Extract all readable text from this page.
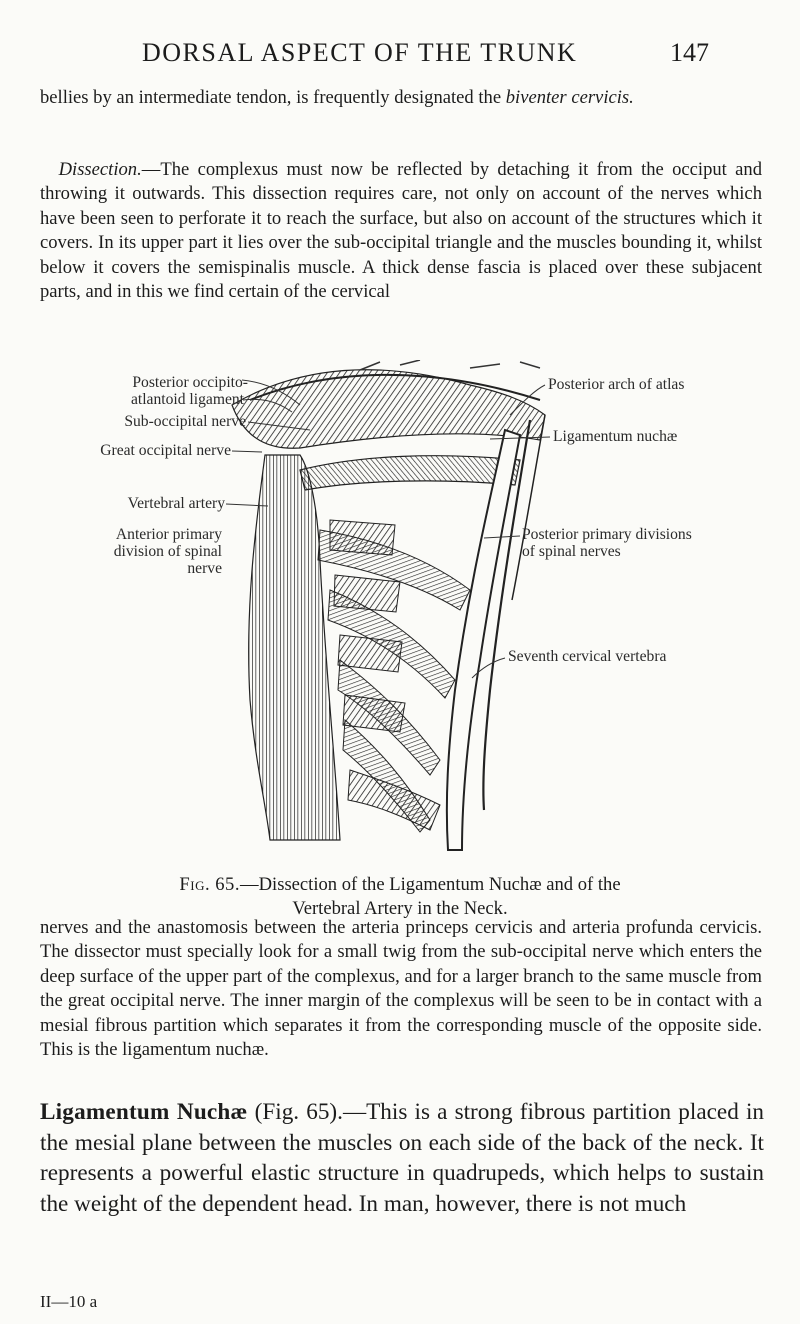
DORSAL ASPECT OF THE TRUNK	147

bellies by an intermediate tendon, is frequently designated the biventer cervicis.

 Dissection.—The complexus must now be reflected by detaching it from the occiput and throwing it outwards. This dissection requires care, not only on account of the nerves which have been seen to perforate it to reach the surface, but also on account of the structures which it covers. In its upper part it lies over the sub-occipital triangle and the muscles bounding it, whilst below it covers the semispinalis muscle. A thick dense fascia is placed over these subjacent parts, and in this we find certain of the cervical

Posterior occipito-
atlantoid ligament
Sub-occipital nerve
Great occipital nerve
Vertebral artery
Anterior primary
division of spinal
nerve
Posterior arch of atlas
Ligamentum nuchæ
Posterior primary divisions
of spinal nerves
Seventh cervical vertebra
Fig. 65.—Dissection of the Ligamentum Nuchæ and of the
Vertebral Artery in the Neck.

nerves and the anastomosis between the arteria princeps cervicis and arteria profunda cervicis. The dissector must specially look for a small twig from the sub-occipital nerve which enters the deep surface of the upper part of the complexus, and for a larger branch to the same muscle from the great occipital nerve. The inner margin of the complexus will be seen to be in contact with a mesial fibrous partition which separates it from the corresponding muscle of the opposite side. This is the ligamentum nuchæ.

Ligamentum Nuchæ (Fig. 65).—This is a strong fibrous partition placed in the mesial plane between the muscles on each side of the back of the neck. It represents a powerful elastic structure in quadrupeds, which helps to sustain the weight of the dependent head. In man, however, there is not much

II—10 a
